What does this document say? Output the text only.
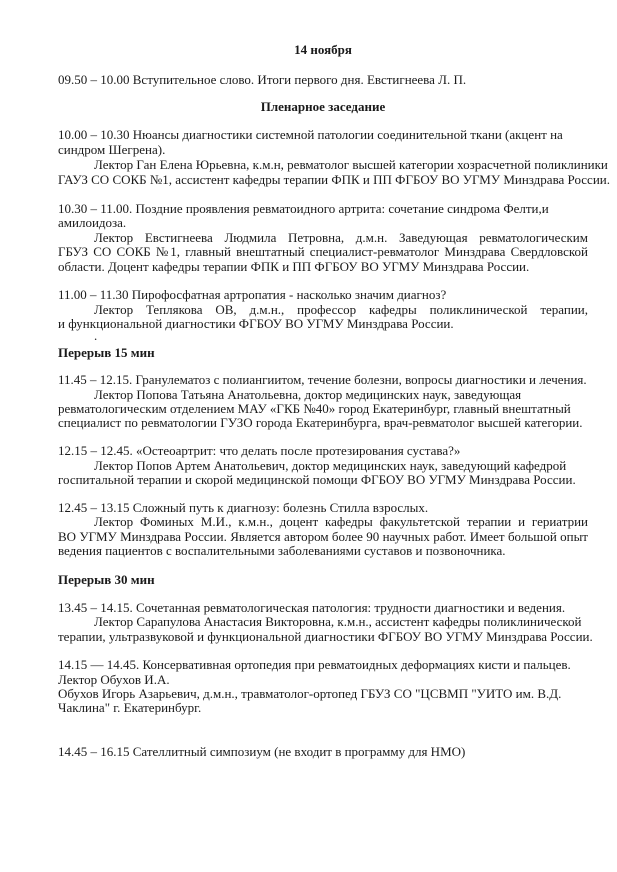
14 ноября
09.50 – 10.00 Вступительное слово. Итоги первого дня. Евстигнеева Л. П.
Пленарное заседание
10.00 – 10.30 Нюансы диагностики системной патологии соединительной ткани (акцент на
синдром Шегрена).
Лектор Ган Елена Юрьевна, к.м.н, ревматолог высшей категории хозрасчетной поликлиники
ГАУЗ СО СОКБ №1, ассистент кафедры терапии ФПК и ПП ФГБОУ ВО УГМУ Минздрава России.
10.30 – 11.00. Поздние проявления ревматоидного артрита: сочетание синдрома Фелти,и
амилоидоза.
Лектор Евстигнеева Людмила Петровна, д.м.н. Заведующая ревматологическим
ГБУЗ СО СОКБ №1, главный внештатный специалист-ревматолог Минздрава Свердловской
области. Доцент кафедры терапии ФПК и ПП ФГБОУ ВО УГМУ Минздрава России.
11.00 – 11.30 Пирофосфатная артропатия - насколько значим диагноз?
Лектор Теплякова ОВ, д.м.н., профессор кафедры поликлинической терапии,
и функциональной диагностики ФГБОУ ВО УГМУ Минздрава России.
.
Перерыв 15 мин
11.45 – 12.15. Гранулематоз с полиангиитом, течение болезни, вопросы диагностики и лечения.
Лектор Попова Татьяна Анатольевна, доктор медицинских наук, заведующая
ревматологическим отделением МАУ «ГКБ №40» город Екатеринбург, главный внештатный
специалист по ревматологии ГУЗО города Екатеринбурга, врач-ревматолог высшей категории.
12.15 – 12.45. «Остеоартрит: что делать после протезирования сустава?»
Лектор Попов Артем Анатольевич, доктор медицинских наук, заведующий кафедрой
госпитальной терапии и скорой медицинской помощи ФГБОУ ВО УГМУ Минздрава России.
12.45 – 13.15 Сложный путь к диагнозу: болезнь Стилла взрослых.
Лектор Фоминых М.И., к.м.н., доцент кафедры факультетской терапии и гериатрии
ВО УГМУ Минздрава России. Является автором более 90 научных работ. Имеет большой опыт
ведения пациентов с воспалительными заболеваниями суставов и позвоночника.
Перерыв 30 мин
13.45 – 14.15. Сочетанная ревматологическая патология: трудности диагностики и ведения.
Лектор Сарапулова Анастасия Викторовна, к.м.н., ассистент кафедры поликлинической
терапии, ультразвуковой и функциональной диагностики ФГБОУ ВО УГМУ Минздрава России.
14.15 — 14.45. Консервативная ортопедия при ревматоидных деформациях кисти и пальцев.
Лектор Обухов И.А.
Обухов Игорь Азарьевич, д.м.н., травматолог-ортопед ГБУЗ СО "ЦСВМП "УИТО им. В.Д.
Чаклина" г. Екатеринбург.
14.45 – 16.15 Сателлитный симпозиум (не входит в программу для НМО)
